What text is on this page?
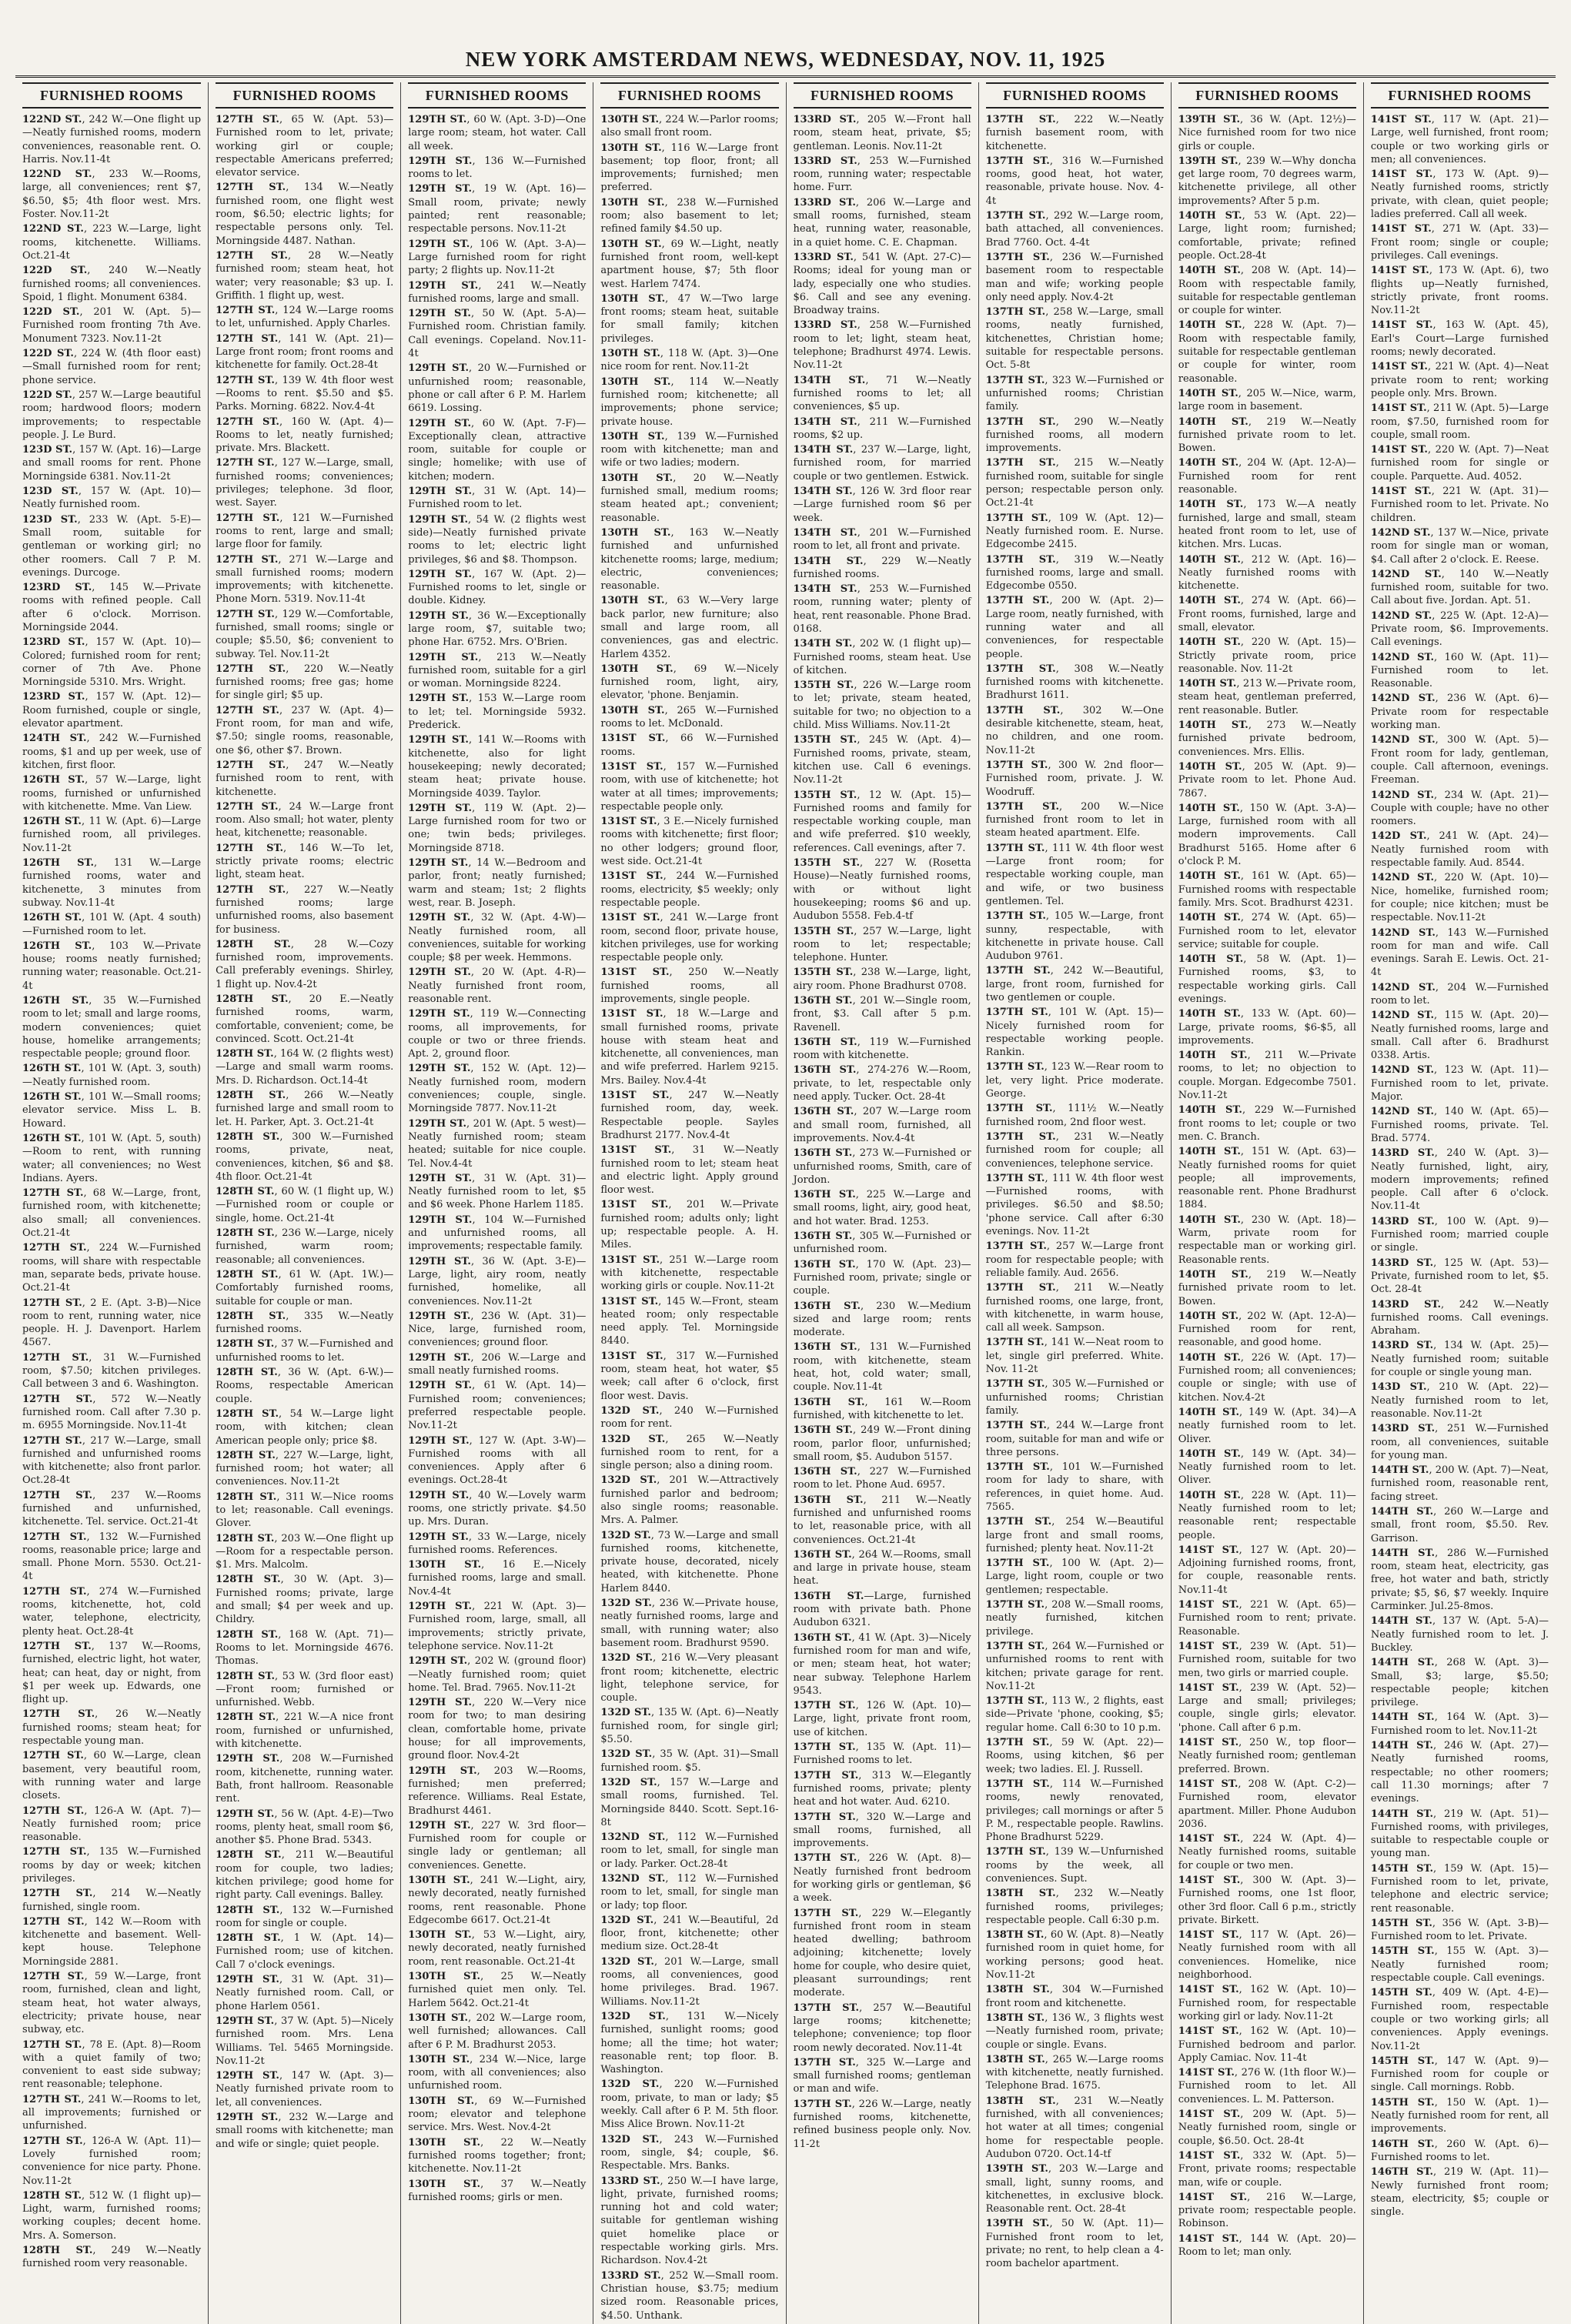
NEW YORK AMSTERDAM NEWS, WEDNESDAY, NOV. 11, 1925
FURNISHED ROOMS

122ND ST., 242 W.—One flight up—Neatly furnished rooms, modern conveniences, reasonable rent. O. Harris. Nov.11-4t

122ND ST., 233 W.—Rooms, large, all conveniences; rent $7, $6.50, $5; 4th floor west. Mrs. Foster. Nov.11-2t

122ND ST., 223 W.—Large, light rooms, kitchenette. Williams. Oct.21-4t

122D ST., 240 W.—Neatly furnished rooms; all conveniences. Spoid, 1 flight. Monument 6384.

122D ST., 201 W. (Apt. 5)—Furnished room fronting 7th Ave. Monument 7323. Nov.11-2t

122D ST., 224 W. (4th floor east)—Small furnished room for rent; phone service.

122D ST., 257 W.—Large beautiful room; hardwood floors; modern improvements; to respectable people. J. Le Burd.

123D ST., 157 W. (Apt. 16)—Large and small rooms for rent. Phone Morningside 6381. Nov.11-2t

123D ST., 157 W. (Apt. 10)—Neatly furnished room.

123D ST., 233 W. (Apt. 5-E)—Small room, suitable for gentleman or working girl; no other roomers. Call 7 P. M. evenings. Durcoge.

123RD ST., 145 W.—Private rooms with refined people. Call after 6 o'clock. Morrison. Morningside 2044.

123RD ST., 157 W. (Apt. 10)—Colored; furnished room for rent; corner of 7th Ave. Phone Morningside 5310. Mrs. Wright.

123RD ST., 157 W. (Apt. 12)—Room furnished, couple or single, elevator apartment.

124TH ST., 242 W.—Furnished rooms, $1 and up per week, use of kitchen, first floor.

126TH ST., 57 W.—Large, light rooms, furnished or unfurnished with kitchenette. Mme. Van Liew.

126TH ST., 11 W. (Apt. 6)—Large furnished room, all privileges. Nov.11-2t

126TH ST., 131 W.—Large furnished rooms, water and kitchenette, 3 minutes from subway. Nov.11-4t

126TH ST., 101 W. (Apt. 4 south)—Furnished room to let.

126TH ST., 103 W.—Private house; rooms neatly furnished; running water; reasonable. Oct.21-4t

126TH ST., 35 W.—Furnished room to let; small and large rooms, modern conveniences; quiet house, homelike arrangements; respectable people; ground floor.

126TH ST., 101 W. (Apt. 3, south)—Neatly furnished room.

126TH ST., 101 W.—Small rooms; elevator service. Miss L. B. Howard.

126TH ST., 101 W. (Apt. 5, south)—Room to rent, with running water; all conveniences; no West Indians. Ayers.

127TH ST., 68 W.—Large, front, furnished room, with kitchenette; also small; all conveniences. Oct.21-4t

127TH ST., 224 W.—Furnished rooms, will share with respectable man, separate beds, private house. Oct.21-4t

127TH ST., 2 E. (Apt. 3-B)—Nice room to rent, running water, nice people. H. J. Davenport. Harlem 4567.

127TH ST., 31 W.—Furnished room, $7.50; kitchen privileges. Call between 3 and 6. Washington.

127TH ST., 572 W.—Neatly furnished room. Call after 7.30 p. m. 6955 Morningside. Nov.11-4t

127TH ST., 217 W.—Large, small furnished and unfurnished rooms with kitchenette; also front parlor. Oct.28-4t

127TH ST., 237 W.—Rooms furnished and unfurnished, kitchenette. Tel. service. Oct.21-4t

127TH ST., 132 W.—Furnished rooms, reasonable price; large and small. Phone Morn. 5530. Oct.21-4t

127TH ST., 274 W.—Furnished rooms, kitchenette, hot, cold water, telephone, electricity, plenty heat. Oct.28-4t

127TH ST., 137 W.—Rooms, furnished, electric light, hot water, heat; can heat, day or night, from $1 per week up. Edwards, one flight up.

127TH ST., 26 W.—Neatly furnished rooms; steam heat; for respectable young man.

127TH ST., 60 W.—Large, clean basement, very beautiful room, with running water and large closets.

127TH ST., 126-A W. (Apt. 7)—Neatly furnished room; price reasonable.

127TH ST., 135 W.—Furnished rooms by day or week; kitchen privileges.

127TH ST., 214 W.—Neatly furnished, single room.

127TH ST., 142 W.—Room with kitchenette and basement. Well-kept house. Telephone Morningside 2881.

127TH ST., 59 W.—Large, front room, furnished, clean and light, steam heat, hot water always, electricity; private house, near subway, etc.

127TH ST., 78 E. (Apt. 8)—Room with a quiet family of two; convenient to east side subway; rent reasonable; telephone.

127TH ST., 241 W.—Rooms to let, all improvements; furnished or unfurnished.

127TH ST., 126-A W. (Apt. 11)—Lovely furnished room; convenience for nice party. Phone. Nov.11-2t

128TH ST., 512 W. (1 flight up)—Light, warm, furnished rooms; working couples; decent home. Mrs. A. Somerson.

128TH ST., 249 W.—Neatly furnished room very reasonable.

FURNISHED ROOMS

127TH ST., 65 W. (Apt. 53)—Furnished room to let, private; working girl or couple; respectable Americans preferred; elevator service.

127TH ST., 134 W.—Neatly furnished room, one flight west room, $6.50; electric lights; for respectable persons only. Tel. Morningside 4487. Nathan.

127TH ST., 28 W.—Neatly furnished room; steam heat, hot water; very reasonable; $3 up. I. Griffith. 1 flight up, west.

127TH ST., 124 W.—Large rooms to let, unfurnished. Apply Charles.

127TH ST., 141 W. (Apt. 21)—Large front room; front rooms and kitchenette for family. Oct.28-4t

127TH ST., 139 W. 4th floor west—Rooms to rent. $5.50 and $5. Parks. Morning. 6822. Nov.4-4t

127TH ST., 160 W. (Apt. 4)—Rooms to let, neatly furnished; private. Mrs. Blackett.

127TH ST., 127 W.—Large, small, furnished rooms; conveniences; privileges; telephone. 3d floor, west. Sayer.

127TH ST., 121 W.—Furnished rooms to rent, large and small; large floor for family.

127TH ST., 271 W.—Large and small furnished rooms; modern improvements; with kitchenette. Phone Morn. 5319. Nov.11-4t

127TH ST., 129 W.—Comfortable, furnished, small rooms; single or couple; $5.50, $6; convenient to subway. Tel. Nov.11-2t

127TH ST., 220 W.—Neatly furnished rooms; free gas; home for single girl; $5 up.

127TH ST., 237 W. (Apt. 4)—Front room, for man and wife, $7.50; single rooms, reasonable, one $6, other $7. Brown.

127TH ST., 247 W.—Neatly furnished room to rent, with kitchenette.

127TH ST., 24 W.—Large front room. Also small; hot water, plenty heat, kitchenette; reasonable.

127TH ST., 146 W.—To let, strictly private rooms; electric light, steam heat.

127TH ST., 227 W.—Neatly furnished rooms; large unfurnished rooms, also basement for business.

128TH ST., 28 W.—Cozy furnished room, improvements. Call preferably evenings. Shirley, 1 flight up. Nov.4-2t

128TH ST., 20 E.—Neatly furnished rooms, warm, comfortable, convenient; come, be convinced. Scott. Oct.21-4t

128TH ST., 164 W. (2 flights west)—Large and small warm rooms. Mrs. D. Richardson. Oct.14-4t

128TH ST., 266 W.—Neatly furnished large and small room to let. H. Parker, Apt. 3. Oct.21-4t

128TH ST., 300 W.—Furnished rooms, private, neat, conveniences, kitchen, $6 and $8. 4th floor. Oct.21-4t

128TH ST., 60 W. (1 flight up, W.)—Furnished room or couple or single, home. Oct.21-4t

128TH ST., 236 W.—Large, nicely furnished, warm room; reasonable; all conveniences.

128TH ST., 61 W. (Apt. 1W.)—Comfortably furnished rooms, suitable for couple or man.

128TH ST., 335 W.—Neatly furnished rooms.

128TH ST., 37 W.—Furnished and unfurnished rooms to let.

128TH ST., 36 W. (Apt. 6-W.)—Rooms, respectable American couple.

128TH ST., 54 W.—Large light room, with kitchen; clean American people only; price $8.

128TH ST., 227 W.—Large, light, furnished room; hot water; all conveniences. Nov.11-2t

128TH ST., 311 W.—Nice rooms to let; reasonable. Call evenings. Glover.

128TH ST., 203 W.—One flight up—Room for a respectable person. $1. Mrs. Malcolm.

128TH ST., 30 W. (Apt. 3)—Furnished rooms; private, large and small; $4 per week and up. Childry.

128TH ST., 168 W. (Apt. 71)—Rooms to let. Morningside 4676. Thomas.

128TH ST., 53 W. (3rd floor east)—Front room; furnished or unfurnished. Webb.

128TH ST., 221 W.—A nice front room, furnished or unfurnished, with kitchenette.

129TH ST., 208 W.—Furnished room, kitchenette, running water. Bath, front hallroom. Reasonable rent.

129TH ST., 56 W. (Apt. 4-E)—Two rooms, plenty heat, small room $6, another $5. Phone Brad. 5343.

128TH ST., 211 W.—Beautiful room for couple, two ladies; kitchen privilege; good home for right party. Call evenings. Balley.

128TH ST., 132 W.—Furnished room for single or couple.

128TH ST., 1 W. (Apt. 14)—Furnished room; use of kitchen. Call 7 o'clock evenings.

129TH ST., 31 W. (Apt. 31)—Neatly furnished room. Call, or phone Harlem 0561.

129TH ST., 37 W. (Apt. 5)—Nicely furnished room. Mrs. Lena Williams. Tel. 5465 Morningside. Nov.11-2t

129TH ST., 147 W. (Apt. 3)—Neatly furnished private room to let, all conveniences.

129TH ST., 232 W.—Large and small rooms with kitchenette; man and wife or single; quiet people.

FURNISHED ROOMS

129TH ST., 60 W. (Apt. 3-D)—One large room; steam, hot water. Call all week.

129TH ST., 136 W.—Furnished rooms to let.

129TH ST., 19 W. (Apt. 16)—Small room, private; newly painted; rent reasonable; respectable persons. Nov.11-2t

129TH ST., 106 W. (Apt. 3-A)—Large furnished room for right party; 2 flights up. Nov.11-2t

129TH ST., 241 W.—Neatly furnished rooms, large and small.

129TH ST., 50 W. (Apt. 5-A)—Furnished room. Christian family. Call evenings. Copeland. Nov.11-4t

129TH ST., 20 W.—Furnished or unfurnished room; reasonable, phone or call after 6 P. M. Harlem 6619. Lossing.

129TH ST., 60 W. (Apt. 7-F)—Exceptionally clean, attractive room, suitable for couple or single; homelike; with use of kitchen; modern.

129TH ST., 31 W. (Apt. 14)—Furnished room to let.

129TH ST., 54 W. (2 flights west side)—Neatly furnished private rooms to let; electric light privileges, $6 and $8. Thompson.

129TH ST., 167 W. (Apt. 2)—Furnished rooms to let, single or double. Kidney.

129TH ST., 36 W.—Exceptionally large room, $7, suitable two; phone Har. 6752. Mrs. O'Brien.

129TH ST., 213 W.—Neatly furnished room, suitable for a girl or woman. Morningside 8224.

129TH ST., 153 W.—Large room to let; tel. Morningside 5932. Prederick.

129TH ST., 141 W.—Rooms with kitchenette, also for light housekeeping; newly decorated; steam heat; private house. Morningside 4039. Taylor.

129TH ST., 119 W. (Apt. 2)—Large furnished room for two or one; twin beds; privileges. Morningside 8718.

129TH ST., 14 W.—Bedroom and parlor, front; neatly furnished; warm and steam; 1st; 2 flights west, rear. B. Joseph.

129TH ST., 32 W. (Apt. 4-W)—Neatly furnished room, all conveniences, suitable for working couple; $8 per week. Hemmons.

129TH ST., 20 W. (Apt. 4-R)—Neatly furnished front room, reasonable rent.

129TH ST., 119 W.—Connecting rooms, all improvements, for couple or two or three friends. Apt. 2, ground floor.

129TH ST., 152 W. (Apt. 12)—Neatly furnished room, modern conveniences; couple, single. Morningside 7877. Nov.11-2t

129TH ST., 201 W. (Apt. 5 west)—Neatly furnished room; steam heated; suitable for nice couple. Tel. Nov.4-4t

129TH ST., 31 W. (Apt. 31)—Neatly furnished room to let, $5 and $6 week. Phone Harlem 1185.

129TH ST., 104 W.—Furnished and unfurnished rooms, all improvements; respectable family.

129TH ST., 36 W. (Apt. 3-E)—Large, light, airy room, neatly furnished, homelike, all conveniences. Nov.11-2t

129TH ST., 236 W. (Apt. 31)—Nice, large, furnished room, conveniences; ground floor.

129TH ST., 206 W.—Large and small neatly furnished rooms.

129TH ST., 61 W. (Apt. 14)—Furnished room; conveniences; preferred respectable people. Nov.11-2t

129TH ST., 127 W. (Apt. 3-W)—Furnished rooms with all conveniences. Apply after 6 evenings. Oct.28-4t

129TH ST., 40 W.—Lovely warm rooms, one strictly private. $4.50 up. Mrs. Duran.

129TH ST., 33 W.—Large, nicely furnished rooms. References.

130TH ST., 16 E.—Nicely furnished rooms, large and small. Nov.4-4t

129TH ST., 221 W. (Apt. 3)—Furnished room, large, small, all improvements; strictly private, telephone service. Nov.11-2t

129TH ST., 202 W. (ground floor)—Neatly furnished room; quiet home. Tel. Brad. 7965. Nov.11-2t

129TH ST., 220 W.—Very nice room for two; to man desiring clean, comfortable home, private house; for all improvements, ground floor. Nov.4-2t

129TH ST., 203 W.—Rooms, furnished; men preferred; reference. Williams. Real Estate, Bradhurst 4461.

129TH ST., 227 W. 3rd floor—Furnished room for couple or single lady or gentleman; all conveniences. Genette.

130TH ST., 241 W.—Light, airy, newly decorated, neatly furnished rooms, rent reasonable. Phone Edgecombe 6617. Oct.21-4t

130TH ST., 53 W.—Light, airy, newly decorated, neatly furnished room, rent reasonable. Oct.21-4t

130TH ST., 25 W.—Neatly furnished quiet men only. Tel. Harlem 5642. Oct.21-4t

130TH ST., 202 W.—Large room, well furnished; allowances. Call after 6 P. M. Bradhurst 2053.

130TH ST., 234 W.—Nice, large room, with all conveniences; also unfurnished room.

130TH ST., 69 W.—Furnished room; elevator and telephone service. Mrs. West. Nov.4-2t

130TH ST., 22 W.—Neatly furnished rooms together; front; kitchenette. Nov.11-2t

130TH ST., 37 W.—Neatly furnished rooms; girls or men.

FURNISHED ROOMS

130TH ST., 224 W.—Parlor rooms; also small front room.

130TH ST., 116 W.—Large front basement; top floor, front; all improvements; furnished; men preferred.

130TH ST., 238 W.—Furnished room; also basement to let; refined family $4.50 up.

130TH ST., 69 W.—Light, neatly furnished front room, well-kept apartment house, $7; 5th floor west. Harlem 7474.

130TH ST., 47 W.—Two large front rooms; steam heat, suitable for small family; kitchen privileges.

130TH ST., 118 W. (Apt. 3)—One nice room for rent. Nov.11-2t

130TH ST., 114 W.—Neatly furnished room; kitchenette; all improvements; phone service; private house.

130TH ST., 139 W.—Furnished room with kitchenette; man and wife or two ladies; modern.

130TH ST., 20 W.—Neatly furnished small, medium rooms; steam heated apt.; convenient; reasonable.

130TH ST., 163 W.—Neatly furnished and unfurnished kitchenette rooms; large, medium; electric, conveniences; reasonable.

130TH ST., 63 W.—Very large back parlor, new furniture; also small and large room, all conveniences, gas and electric. Harlem 4352.

130TH ST., 69 W.—Nicely furnished room, light, airy, elevator, 'phone. Benjamin.

130TH ST., 265 W.—Furnished rooms to let. McDonald.

131ST ST., 66 W.—Furnished rooms.

131ST ST., 157 W.—Furnished room, with use of kitchenette; hot water at all times; improvements; respectable people only.

131ST ST., 3 E.—Nicely furnished rooms with kitchenette; first floor; no other lodgers; ground floor, west side. Oct.21-4t

131ST ST., 244 W.—Furnished rooms, electricity, $5 weekly; only respectable people.

131ST ST., 241 W.—Large front room, second floor, private house, kitchen privileges, use for working respectable people only.

131ST ST., 250 W.—Neatly furnished rooms, all improvements, single people.

131ST ST., 18 W.—Large and small furnished rooms, private house with steam heat and kitchenette, all conveniences, man and wife preferred. Harlem 9215. Mrs. Bailey. Nov.4-4t

131ST ST., 247 W.—Neatly furnished room, day, week. Respectable people. Sayles Bradhurst 2177. Nov.4-4t

131ST ST., 31 W.—Neatly furnished room to let; steam heat and electric light. Apply ground floor west.

131ST ST., 201 W.—Private furnished room; adults only; light up; respectable people. A. H. Miles.

131ST ST., 251 W.—Large room with kitchenette, respectable working girls or couple. Nov.11-2t

131ST ST., 145 W.—Front, steam heated room; only respectable need apply. Tel. Morningside 8440.

131ST ST., 317 W.—Furnished room, steam heat, hot water, $5 week; call after 6 o'clock, first floor west. Davis.

132D ST., 240 W.—Furnished room for rent.

132D ST., 265 W.—Neatly furnished room to rent, for a single person; also a dining room.

132D ST., 201 W.—Attractively furnished parlor and bedroom; also single rooms; reasonable. Mrs. A. Palmer.

132D ST., 73 W.—Large and small furnished rooms, kitchenette, private house, decorated, nicely heated, with kitchenette. Phone Harlem 8440.

132D ST., 236 W.—Private house, neatly furnished rooms, large and small, with running water; also basement room. Bradhurst 9590.

132D ST., 216 W.—Very pleasant front room; kitchenette, electric light, telephone service, for couple.

132D ST., 135 W. (Apt. 6)—Neatly furnished room, for single girl; $5.50.

132D ST., 35 W. (Apt. 31)—Small furnished room. $5.

132D ST., 157 W.—Large and small rooms, furnished. Tel. Morningside 8440. Scott. Sept.16-8t

132ND ST., 112 W.—Furnished room to let, small, for single man or lady. Parker. Oct.28-4t

132ND ST., 112 W.—Furnished room to let, small, for single man or lady; top floor.

132D ST., 241 W.—Beautiful, 2d floor, front, kitchenette; other medium size. Oct.28-4t

132D ST., 201 W.—Large, small rooms, all conveniences, good home privileges. Brad. 1967. Williams. Nov.11-2t

132D ST., 131 W.—Nicely furnished, sunlight rooms; good home; all the time; hot water; reasonable rent; top floor. B. Washington.

132D ST., 220 W.—Furnished room, private, to man or lady; $5 weekly. Call after 6 P. M. 5th floor. Miss Alice Brown. Nov.11-2t

132D ST., 243 W.—Furnished room, single, $4; couple, $6. Respectable. Mrs. Banks.

133RD ST., 250 W.—I have large, light, private, furnished rooms; running hot and cold water; suitable for gentleman wishing quiet homelike place or respectable working girls. Mrs. Richardson. Nov.4-2t

133RD ST., 252 W.—Small room. Christian house, $3.75; medium sized room. Reasonable prices, $4.50. Unthank.

FURNISHED ROOMS

133RD ST., 205 W.—Front hall room, steam heat, private, $5; gentleman. Leonis. Nov.11-2t

133RD ST., 253 W.—Furnished room, running water; respectable home. Furr.

133RD ST., 206 W.—Large and small rooms, furnished, steam heat, running water, reasonable, in a quiet home. C. E. Chapman.

133RD ST., 541 W. (Apt. 27-C)—Rooms; ideal for young man or lady, especially one who studies. $6. Call and see any evening. Broadway trains.

133RD ST., 258 W.—Furnished room to let; light, steam heat, telephone; Bradhurst 4974. Lewis. Nov.11-2t

134TH ST., 71 W.—Neatly furnished rooms to let; all conveniences, $5 up.

134TH ST., 211 W.—Furnished rooms, $2 up.

134TH ST., 237 W.—Large, light, furnished room, for married couple or two gentlemen. Estwick.

134TH ST., 126 W. 3rd floor rear—Large furnished room $6 per week.

134TH ST., 201 W.—Furnished room to let, all front and private.

134TH ST., 229 W.—Neatly furnished rooms.

134TH ST., 253 W.—Furnished room, running water; plenty of heat, rent reasonable. Phone Brad. 0168.

134TH ST., 202 W. (1 flight up)—Furnished rooms, steam heat. Use of kitchen.

135TH ST., 226 W.—Large room to let; private, steam heated, suitable for two; no objection to a child. Miss Williams. Nov.11-2t

135TH ST., 245 W. (Apt. 4)—Furnished rooms, private, steam, kitchen use. Call 6 evenings. Nov.11-2t

135TH ST., 12 W. (Apt. 15)—Furnished rooms and family for respectable working couple, man and wife preferred. $10 weekly, references. Call evenings, after 7.

135TH ST., 227 W. (Rosetta House)—Neatly furnished rooms, with or without light housekeeping; rooms $6 and up. Audubon 5558. Feb.4-tf

135TH ST., 257 W.—Large, light room to let; respectable; telephone. Hunter.

135TH ST., 238 W.—Large, light, airy room. Phone Bradhurst 0708.

136TH ST., 201 W.—Single room, front, $3. Call after 5 p.m. Ravenell.

136TH ST., 119 W.—Furnished room with kitchenette.

136TH ST., 274-276 W.—Room, private, to let, respectable only need apply. Tucker. Oct. 28-4t

136TH ST., 207 W.—Large room and small room, furnished, all improvements. Nov.4-4t

136TH ST., 273 W.—Furnished or unfurnished rooms, Smith, care of Jordon.

136TH ST., 225 W.—Large and small rooms, light, airy, good heat, and hot water. Brad. 1253.

136TH ST., 305 W.—Furnished or unfurnished room.

136TH ST., 170 W. (Apt. 23)—Furnished room, private; single or couple.

136TH ST., 230 W.—Medium sized and large room; rents moderate.

136TH ST., 131 W.—Furnished room, with kitchenette, steam heat, hot, cold water; small, couple. Nov.11-4t

136TH ST., 161 W.—Room furnished, with kitchenette to let.

136TH ST., 249 W.—Front dining room, parlor floor, unfurnished; small room, $5. Audubon 5157.

136TH ST., 227 W.—Furnished room to let. Phone Aud. 6957.

136TH ST., 211 W.—Neatly furnished and unfurnished rooms to let, reasonable price, with all conveniences. Oct.21-4t

136TH ST., 264 W.—Rooms, small and large in private house, steam heat.

136TH ST.—Large, furnished room with private bath. Phone Audubon 6321.

136TH ST., 41 W. (Apt. 3)—Nicely furnished room for man and wife, or men; steam heat, hot water; near subway. Telephone Harlem 9543.

137TH ST., 126 W. (Apt. 10)—Large, light, private front room, use of kitchen.

137TH ST., 135 W. (Apt. 11)—Furnished rooms to let.

137TH ST., 313 W.—Elegantly furnished rooms, private; plenty heat and hot water. Aud. 6210.

137TH ST., 320 W.—Large and small rooms, furnished, all improvements.

137TH ST., 226 W. (Apt. 8)—Neatly furnished front bedroom for working girls or gentleman, $6 a week.

137TH ST., 229 W.—Elegantly furnished front room in steam heated dwelling; bathroom adjoining; kitchenette; lovely home for couple, who desire quiet, pleasant surroundings; rent moderate.

137TH ST., 257 W.—Beautiful large rooms; kitchenette; telephone; convenience; top floor room newly decorated. Nov.11-4t

137TH ST., 325 W.—Large and small furnished rooms; gentleman or man and wife.

137TH ST., 226 W.—Large, neatly furnished rooms, kitchenette, refined business people only. Nov. 11-2t

FURNISHED ROOMS

137TH ST., 222 W.—Neatly furnish basement room, with kitchenette.

137TH ST., 316 W.—Furnished rooms, good heat, hot water, reasonable, private house. Nov. 4-4t

137TH ST., 292 W.—Large room, bath attached, all conveniences. Brad 7760. Oct. 4-4t

137TH ST., 236 W.—Furnished basement room to respectable man and wife; working people only need apply. Nov.4-2t

137TH ST., 258 W.—Large, small rooms, neatly furnished, kitchenettes, Christian home; suitable for respectable persons. Oct. 5-8t

137TH ST., 323 W.—Furnished or unfurnished rooms; Christian family.

137TH ST., 290 W.—Neatly furnished rooms, all modern improvements.

137TH ST., 215 W.—Neatly furnished room, suitable for single person; respectable person only. Oct.21-4t

137TH ST., 109 W. (Apt. 12)—Neatly furnished room. E. Nurse. Edgecombe 2415.

137TH ST., 319 W.—Neatly furnished rooms, large and small. Edgecombe 0550.

137TH ST., 200 W. (Apt. 2)—Large room, neatly furnished, with running water and all conveniences, for respectable people.

137TH ST., 308 W.—Neatly furnished rooms with kitchenette. Bradhurst 1611.

137TH ST., 302 W.—One desirable kitchenette, steam, heat, no children, and one room. Nov.11-2t

137TH ST., 300 W. 2nd floor—Furnished room, private. J. W. Woodruff.

137TH ST., 200 W.—Nice furnished front room to let in steam heated apartment. Elfe.

137TH ST., 111 W. 4th floor west—Large front room; for respectable working couple, man and wife, or two business gentlemen. Tel.

137TH ST., 105 W.—Large, front sunny, respectable, with kitchenette in private house. Call Audubon 9761.

137TH ST., 242 W.—Beautiful, large, front room, furnished for two gentlemen or couple.

137TH ST., 101 W. (Apt. 15)—Nicely furnished room for respectable working people. Rankin.

137TH ST., 123 W.—Rear room to let, very light. Price moderate. George.

137TH ST., 111½ W.—Neatly furnished room, 2nd floor west.

137TH ST., 231 W.—Neatly furnished room for couple; all conveniences, telephone service.

137TH ST., 111 W. 4th floor west—Furnished rooms, with privileges. $6.50 and $8.50; 'phone service. Call after 6:30 evenings. Nov. 11-2t

137TH ST., 257 W.—Large front room for respectable people; with reliable family. Aud. 2656.

137TH ST., 211 W.—Neatly furnished rooms, one large, front, with kitchenette, in warm house, call all week. Sampson.

137TH ST., 141 W.—Neat room to let, single girl preferred. White. Nov. 11-2t

137TH ST., 305 W.—Furnished or unfurnished rooms; Christian family.

137TH ST., 244 W.—Large front room, suitable for man and wife or three persons.

137TH ST., 101 W.—Furnished room for lady to share, with references, in quiet home. Aud. 7565.

137TH ST., 254 W.—Beautiful large front and small rooms, furnished; plenty heat. Nov.11-2t

137TH ST., 100 W. (Apt. 2)—Large, light room, couple or two gentlemen; respectable.

137TH ST., 208 W.—Small rooms, neatly furnished, kitchen privilege.

137TH ST., 264 W.—Furnished or unfurnished rooms to rent with kitchen; private garage for rent. Nov.11-2t

137TH ST., 113 W., 2 flights, east side—Private 'phone, cooking, $5; regular home. Call 6:30 to 10 p.m.

137TH ST., 59 W. (Apt. 22)—Rooms, using kitchen, $6 per week; two ladies. El. J. Russell.

137TH ST., 114 W.—Furnished rooms, newly renovated, privileges; call mornings or after 5 P. M., respectable people. Rawlins. Phone Bradhurst 5229.

137TH ST., 139 W.—Unfurnished rooms by the week, all conveniences. Supt.

138TH ST., 232 W.—Neatly furnished rooms, privileges; respectable people. Call 6:30 p.m.

138TH ST., 60 W. (Apt. 8)—Neatly furnished room in quiet home, for working persons; good heat. Nov.11-2t

138TH ST., 304 W.—Furnished front room and kitchenette.

138TH ST., 136 W., 3 flights west—Neatly furnished room, private; couple or single. Evans.

138TH ST., 265 W.—Large rooms with kitchenette, neatly furnished. Telephone Brad. 1675.

138TH ST., 231 W.—Neatly furnished, with all conveniences; hot water at all times; congenial home for respectable people. Audubon 0720. Oct.14-tf

139TH ST., 203 W.—Large and small, light, sunny rooms, and kitchenettes, in exclusive block. Reasonable rent. Oct. 28-4t

139TH ST., 50 W. (Apt. 11)—Furnished front room to let, private; no rent, to help clean a 4-room bachelor apartment.

FURNISHED ROOMS

139TH ST., 36 W. (Apt. 12½)—Nice furnished room for two nice girls or couple.

139TH ST., 239 W.—Why doncha get large room, 70 degrees warm, kitchenette privilege, all other improvements? After 5 p.m.

140TH ST., 53 W. (Apt. 22)—Large, light room; furnished; comfortable, private; refined people. Oct.28-4t

140TH ST., 208 W. (Apt. 14)—Room with respectable family, suitable for respectable gentleman or couple for winter.

140TH ST., 228 W. (Apt. 7)—Room with respectable family, suitable for respectable gentleman or couple for winter, room reasonable.

140TH ST., 205 W.—Nice, warm, large room in basement.

140TH ST., 219 W.—Neatly furnished private room to let. Bowen.

140TH ST., 204 W. (Apt. 12-A)—Furnished room for rent reasonable.

140TH ST., 173 W.—A neatly furnished, large and small, steam heated front room to let, use of kitchen. Mrs. Lucas.

140TH ST., 212 W. (Apt. 16)—Neatly furnished rooms with kitchenette.

140TH ST., 274 W. (Apt. 66)—Front rooms, furnished, large and small, elevator.

140TH ST., 220 W. (Apt. 15)—Strictly private room, price reasonable. Nov. 11-2t

140TH ST., 213 W.—Private room, steam heat, gentleman preferred, rent reasonable. Butler.

140TH ST., 273 W.—Neatly furnished private bedroom, conveniences. Mrs. Ellis.

140TH ST., 205 W. (Apt. 9)—Private room to let. Phone Aud. 7867.

140TH ST., 150 W. (Apt. 3-A)—Large, furnished room with all modern improvements. Call Bradhurst 5165. Home after 6 o'clock P. M.

140TH ST., 161 W. (Apt. 65)—Furnished rooms with respectable family. Mrs. Scot. Bradhurst 4231.

140TH ST., 274 W. (Apt. 65)—Furnished room to let, elevator service; suitable for couple.

140TH ST., 58 W. (Apt. 1)—Furnished rooms, $3, to respectable working girls. Call evenings.

140TH ST., 133 W. (Apt. 60)—Large, private rooms, $6-$5, all improvements.

140TH ST., 211 W.—Private rooms, to let; no objection to couple. Morgan. Edgecombe 7501. Nov.11-2t

140TH ST., 229 W.—Furnished front rooms to let; couple or two men. C. Branch.

140TH ST., 151 W. (Apt. 63)—Neatly furnished rooms for quiet people; all improvements, reasonable rent. Phone Bradhurst 1884.

140TH ST., 230 W. (Apt. 18)—Warm, private room for respectable man or working girl. Reasonable rents.

140TH ST., 219 W.—Neatly furnished private room to let. Bowen.

140TH ST., 202 W. (Apt. 12-A)—Furnished room for rent, reasonable, and good home.

140TH ST., 226 W. (Apt. 17)—Furnished room; all conveniences; couple or single; with use of kitchen. Nov.4-2t

140TH ST., 149 W. (Apt. 34)—A neatly furnished room to let. Oliver.

140TH ST., 149 W. (Apt. 34)—Neatly furnished room to let. Oliver.

140TH ST., 228 W. (Apt. 11)—Neatly furnished room to let; reasonable rent; respectable people.

141ST ST., 127 W. (Apt. 20)—Adjoining furnished rooms, front, for couple, reasonable rents. Nov.11-4t

141ST ST., 221 W. (Apt. 65)—Furnished room to rent; private. Reasonable.

141ST ST., 239 W. (Apt. 51)—Furnished room, suitable for two men, two girls or married couple.

141ST ST., 239 W. (Apt. 52)—Large and small; privileges; couple, single girls; elevator. 'phone. Call after 6 p.m.

141ST ST., 250 W., top floor—Neatly furnished room; gentleman preferred. Brown.

141ST ST., 208 W. (Apt. C-2)—Furnished room, elevator apartment. Miller. Phone Audubon 2036.

141ST ST., 224 W. (Apt. 4)—Neatly furnished rooms, suitable for couple or two men.

141ST ST., 300 W. (Apt. 3)—Furnished rooms, one 1st floor, other 3rd floor. Call 6 p.m., strictly private. Birkett.

141ST ST., 117 W. (Apt. 26)—Neatly furnished room with all conveniences. Homelike, nice neighborhood.

141ST ST., 162 W. (Apt. 10)—Furnished room, for respectable working girl or lady. Nov.11-2t

141ST ST., 162 W. (Apt. 10)—Furnished bedroom and parlor. Apply Camiac. Nov. 11-4t

141ST ST., 276 W. (1th floor W.)—Furnished room to let. All conveniences. L. M. Patterson.

141ST ST., 209 W. (Apt. 5)—Neatly furnished room, single or couple, $6.50. Oct. 28-4t

141ST ST., 332 W. (Apt. 5)—Front, private rooms; respectable man, wife or couple.

141ST ST., 216 W.—Large, private room; respectable people. Robinson.

141ST ST., 144 W. (Apt. 20)—Room to let; man only.

FURNISHED ROOMS

141ST ST., 117 W. (Apt. 21)—Large, well furnished, front room; couple or two working girls or men; all conveniences.

141ST ST., 173 W. (Apt. 9)—Neatly furnished rooms, strictly private, with clean, quiet people; ladies preferred. Call all week.

141ST ST., 271 W. (Apt. 33)—Front room; single or couple; privileges. Call evenings.

141ST ST., 173 W. (Apt. 6), two flights up—Neatly furnished, strictly private, front rooms. Nov.11-2t

141ST ST., 163 W. (Apt. 45), Earl's Court—Large furnished rooms; newly decorated.

141ST ST., 221 W. (Apt. 4)—Neat private room to rent; working people only. Mrs. Brown.

141ST ST., 211 W. (Apt. 5)—Large room, $7.50, furnished room for couple, small room.

141ST ST., 220 W. (Apt. 7)—Neat furnished room for single or couple. Parquette. Aud. 4052.

141ST ST., 221 W. (Apt. 31)—Furnished room to let. Private. No children.

142ND ST., 137 W.—Nice, private room for single man or woman, $4. Call after 2 o'clock. E. Reese.

142ND ST., 140 W.—Neatly furnished room, suitable for two. Call about five. Jordan. Apt. 51.

142ND ST., 225 W. (Apt. 12-A)—Private room, $6. Improvements. Call evenings.

142ND ST., 160 W. (Apt. 11)—Furnished room to let. Reasonable.

142ND ST., 236 W. (Apt. 6)—Private room for respectable working man.

142ND ST., 300 W. (Apt. 5)—Front room for lady, gentleman, couple. Call afternoon, evenings. Freeman.

142ND ST., 234 W. (Apt. 21)—Couple with couple; have no other roomers.

142D ST., 241 W. (Apt. 24)—Neatly furnished room with respectable family. Aud. 8544.

142ND ST., 220 W. (Apt. 10)—Nice, homelike, furnished room; for couple; nice kitchen; must be respectable. Nov.11-2t

142ND ST., 143 W.—Furnished room for man and wife. Call evenings. Sarah E. Lewis. Oct. 21-4t

142ND ST., 204 W.—Furnished room to let.

142ND ST., 115 W. (Apt. 20)—Neatly furnished rooms, large and small. Call after 6. Bradhurst 0338. Artis.

142ND ST., 123 W. (Apt. 11)—Furnished room to let, private. Major.

142ND ST., 140 W. (Apt. 65)—Furnished rooms, private. Tel. Brad. 5774.

143RD ST., 240 W. (Apt. 3)—Neatly furnished, light, airy, modern improvements; refined people. Call after 6 o'clock. Nov.11-4t

143RD ST., 100 W. (Apt. 9)—Furnished room; married couple or single.

143RD ST., 125 W. (Apt. 53)—Private, furnished room to let, $5. Oct. 28-4t

143RD ST., 242 W.—Neatly furnished rooms. Call evenings. Abraham.

143RD ST., 134 W. (Apt. 25)—Neatly furnished room; suitable for couple or single young man.

143D ST., 210 W. (Apt. 22)—Neatly furnished room to let, reasonable. Nov.11-2t

143RD ST., 251 W.—Furnished room, all conveniences, suitable for young man.

144TH ST., 200 W. (Apt. 7)—Neat, furnished room, reasonable rent, facing street.

144TH ST., 260 W.—Large and small, front room, $5.50. Rev. Garrison.

144TH ST., 286 W.—Furnished room, steam heat, electricity, gas free, hot water and bath, strictly private; $5, $6, $7 weekly. Inquire Carminker. Jul.25-8mos.

144TH ST., 137 W. (Apt. 5-A)—Neatly furnished room to let. J. Buckley.

144TH ST., 268 W. (Apt. 3)—Small, $3; large, $5.50; respectable people; kitchen privilege.

144TH ST., 164 W. (Apt. 3)—Furnished room to let. Nov.11-2t

144TH ST., 246 W. (Apt. 27)—Neatly furnished rooms, respectable; no other roomers; call 11.30 mornings; after 7 evenings.

144TH ST., 219 W. (Apt. 51)—Furnished rooms, with privileges, suitable to respectable couple or young man.

145TH ST., 159 W. (Apt. 15)—Furnished room to let, private, telephone and electric service; rent reasonable.

145TH ST., 356 W. (Apt. 3-B)—Furnished room to let. Private.

145TH ST., 155 W. (Apt. 3)—Neatly furnished room; respectable couple. Call evenings.

145TH ST., 409 W. (Apt. 4-E)—Furnished room, respectable couple or two working girls; all conveniences. Apply evenings. Nov.11-2t

145TH ST., 147 W. (Apt. 9)—Furnished room for couple or single. Call mornings. Robb.

145TH ST., 150 W. (Apt. 1)—Neatly furnished room for rent, all improvements.

146TH ST., 260 W. (Apt. 6)—Furnished rooms to let.

146TH ST., 219 W. (Apt. 11)—Newly furnished front room; steam, electricity, $5; couple or single.
